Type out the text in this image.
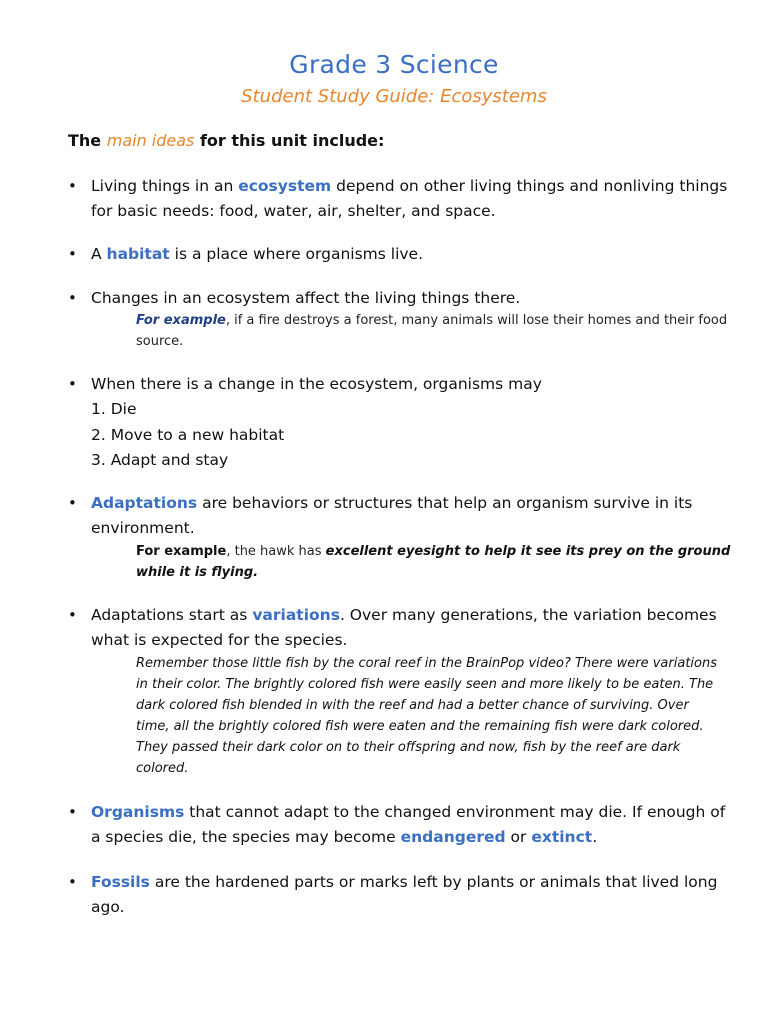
Grade 3 Science
Student Study Guide: Ecosystems
The main ideas for this unit include:
• Living things in an ecosystem depend on other living things and nonliving things for basic needs: food, water, air, shelter, and space.
• A habitat is a place where organisms live.
• Changes in an ecosystem affect the living things there.
For example, if a fire destroys a forest, many animals will lose their homes and their food source.
• When there is a change in the ecosystem, organisms may
1. Die
2. Move to a new habitat
3. Adapt and stay
• Adaptations are behaviors or structures that help an organism survive in its environment.
For example, the hawk has excellent eyesight to help it see its prey on the ground while it is flying.
• Adaptations start as variations. Over many generations, the variation becomes what is expected for the species.
Remember those little fish by the coral reef in the BrainPop video? There were variations in their color. The brightly colored fish were easily seen and more likely to be eaten. The dark colored fish blended in with the reef and had a better chance of surviving. Over time, all the brightly colored fish were eaten and the remaining fish were dark colored. They passed their dark color on to their offspring and now, fish by the reef are dark colored.
• Organisms that cannot adapt to the changed environment may die. If enough of a species die, the species may become endangered or extinct.
• Fossils are the hardened parts or marks left by plants or animals that lived long ago.
